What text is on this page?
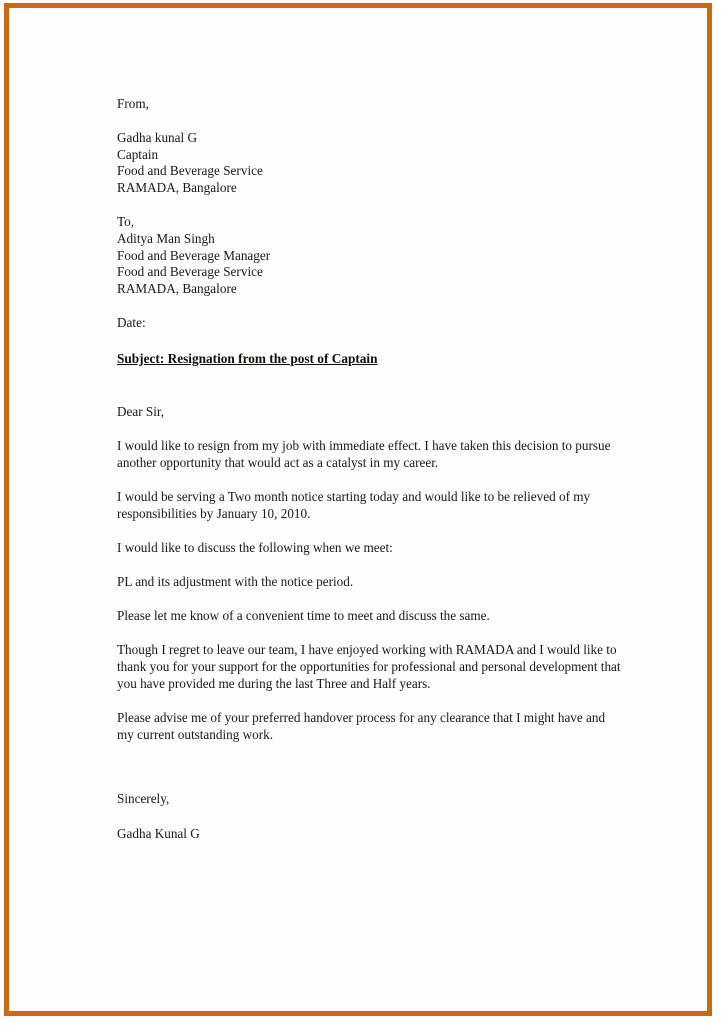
From,
Gadha kunal G
Captain
Food and Beverage Service
RAMADA, Bangalore
To,
Aditya Man Singh
Food and Beverage Manager
Food and Beverage Service
RAMADA, Bangalore
Date:
Subject: Resignation from the post of Captain
Dear Sir,
I would like to resign from my job with immediate effect. I have taken this decision to pursue another opportunity that would act as a catalyst in my career.
I would be serving a Two month notice starting today and would like to be relieved of my responsibilities by January 10, 2010.
I would like to discuss the following when we meet:
PL and its adjustment with the notice period.
Please let me know of a convenient time to meet and discuss the same.
Though I regret to leave our team, I have enjoyed working with RAMADA and I would like to thank you for your support for the opportunities for professional and personal development that you have provided me during the last Three and Half years.
Please advise me of your preferred handover process for any clearance that I might have and my current outstanding work.
Sincerely,
Gadha Kunal G
